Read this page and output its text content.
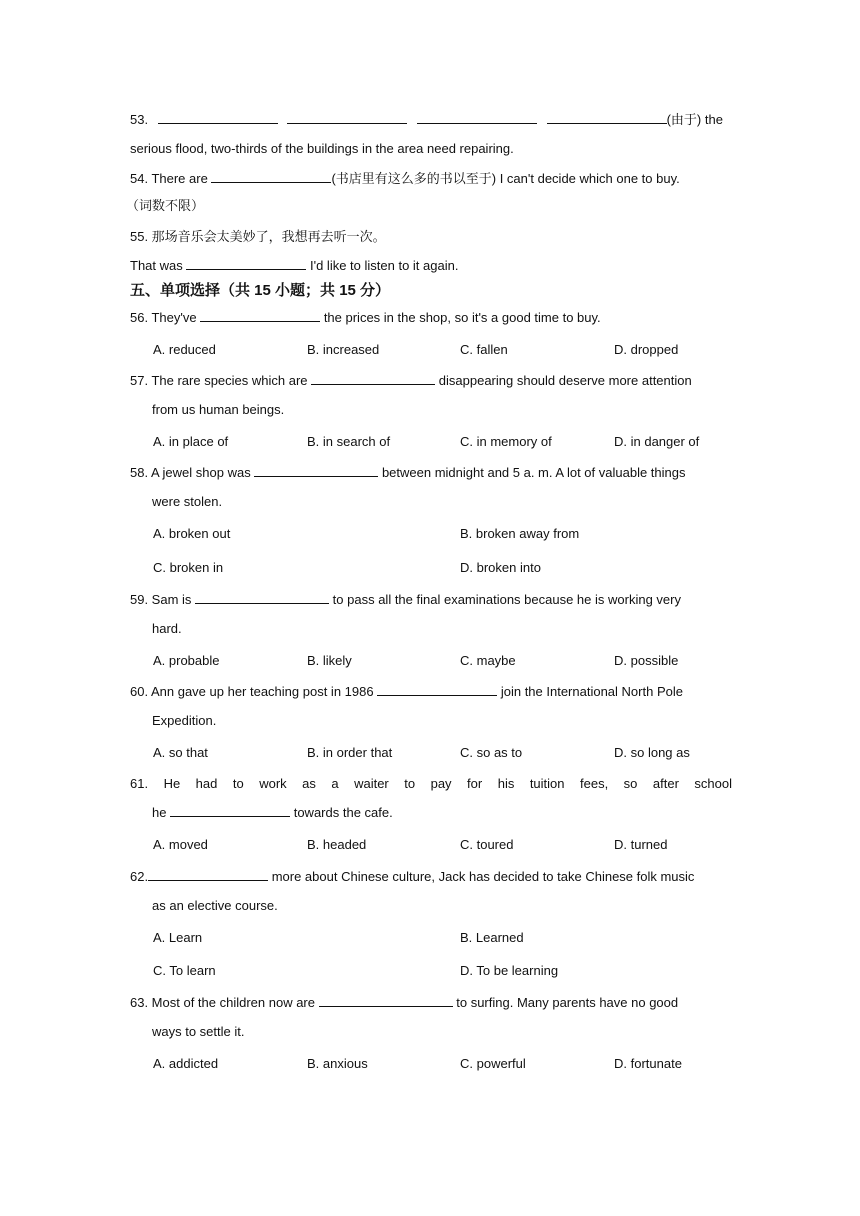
53.	(由于) the
serious flood, two-thirds of the buildings in the area need repairing.
54. There are	(书店里有这么多的书以至于) I can't decide which one to buy.
（词数不限）
55. 那场音乐会太美妙了，我想再去听一次。
That was	I'd like to listen to it again.
五、单项选择（共 15 小题；共 15 分）
56. They've	the prices in the shop, so it's a good time to buy.
A. reduced	B. increased	C. fallen	D. dropped
57. The rare species which are	disappearing should deserve more attention
from us human beings.
A. in place of	B. in search of	C. in memory of	D. in danger of
58. A jewel shop was	between midnight and 5 a. m. A lot of valuable things
were stolen.
A. broken out	B. broken away from
C. broken in	D. broken into
59. Sam is	to pass all the final examinations because he is working very
hard.
A. probable	B. likely	C. maybe	D. possible
60. Ann gave up her teaching post in 1986	join the International North Pole
Expedition.
A. so that	B. in order that	C. so as to	D. so long as
61. He had to work as a waiter to pay for his tuition fees, so after school
he	towards the cafe.
A. moved	B. headed	C. toured	D. turned
62.	more about Chinese culture, Jack has decided to take Chinese folk music
as an elective course.
A. Learn	B. Learned
C. To learn	D. To be learning
63. Most of the children now are	to surfing. Many parents have no good
ways to settle it.
A. addicted	B. anxious	C. powerful	D. fortunate
